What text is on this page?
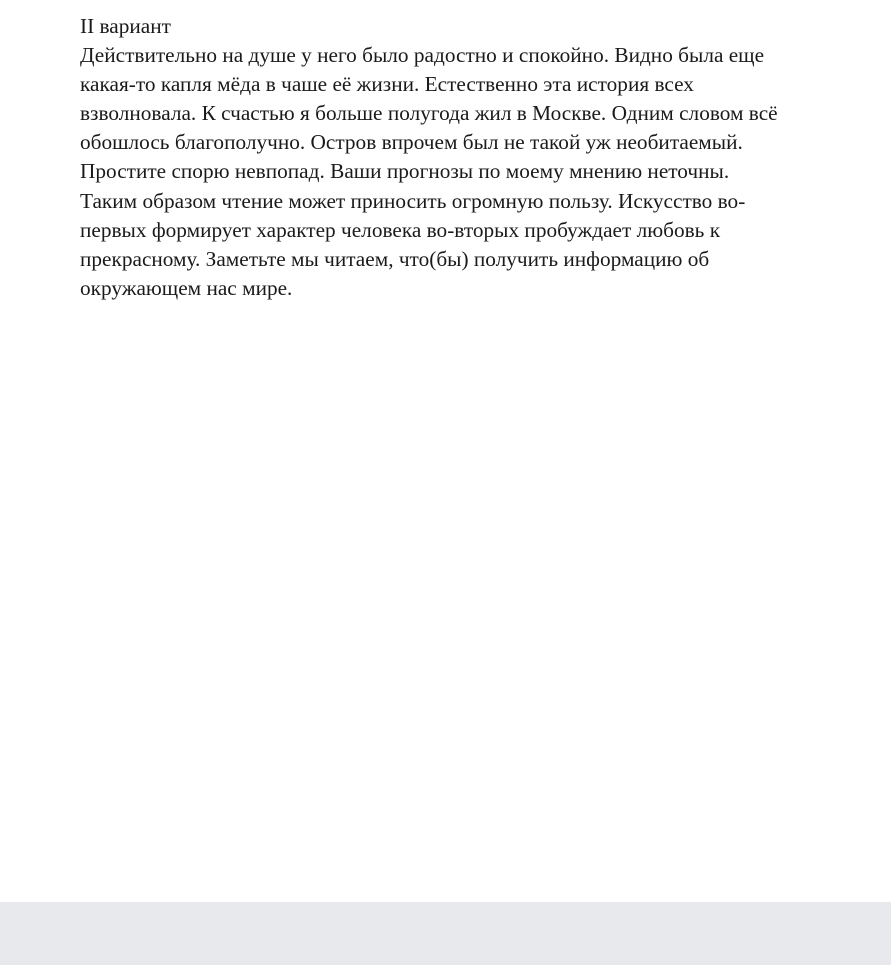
II вариант
Действительно на душе у него было радостно и спокойно. Видно была еще
какая-то капля мёда в чаше её жизни. Естественно эта история всех
взволновала. К счастью я больше полугода жил в Москве. Одним словом всё
обошлось благополучно. Остров впрочем был не такой уж необитаемый.
Простите спорю невпопад. Ваши прогнозы по моему мнению неточны.
Таким образом чтение может приносить огромную пользу. Искусство во-
первых формирует характер человека во-вторых пробуждает любовь к
прекрасному. Заметьте мы читаем, что(бы) получить информацию об
окружающем нас мире.
